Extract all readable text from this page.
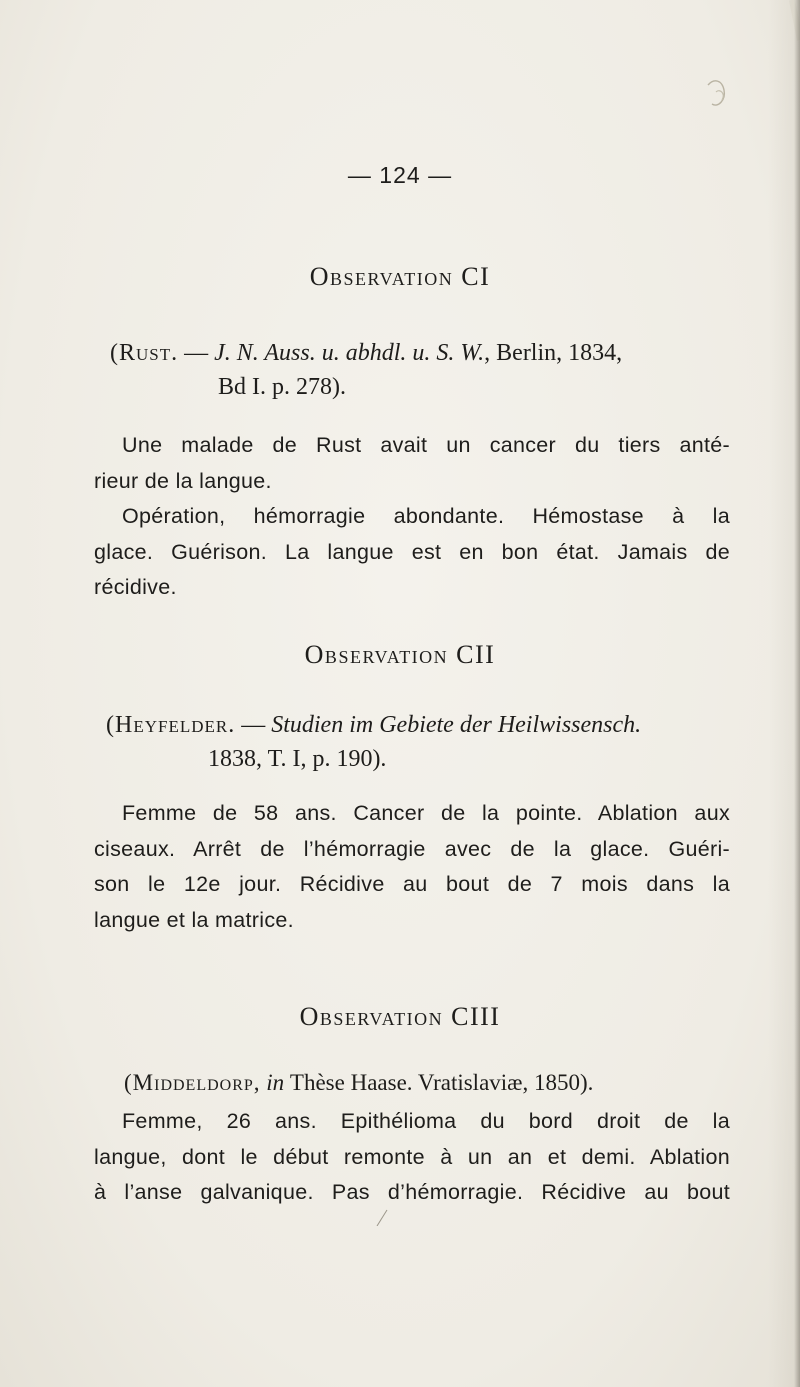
— 124 —
Observation CI
(Rust. — J. N. Auss. u. abhdl. u. S. W., Berlin, 1834,
Bd I. p. 278).

Une malade de Rust avait un cancer du tiers anté-
rieur de la langue.

Opération, hémorragie abondante. Hémostase à la
glace. Guérison. La langue est en bon état. Jamais de
récidive.

Observation CII
(Heyfelder. — Studien im Gebiete der Heilwissensch.
1838, T. I, p. 190).

Femme de 58 ans. Cancer de la pointe. Ablation aux
ciseaux. Arrêt de l’hémorragie avec de la glace. Guéri-
son le 12e jour. Récidive au bout de 7 mois dans la
langue et la matrice.

Observation CIII
(Middeldorp, in Thèse Haase. Vratislaviæ, 1850).

Femme, 26 ans. Epithélioma du bord droit de la
langue, dont le début remonte à un an et demi. Ablation
à l’anse galvanique. Pas d’hémorragie. Récidive au bout
